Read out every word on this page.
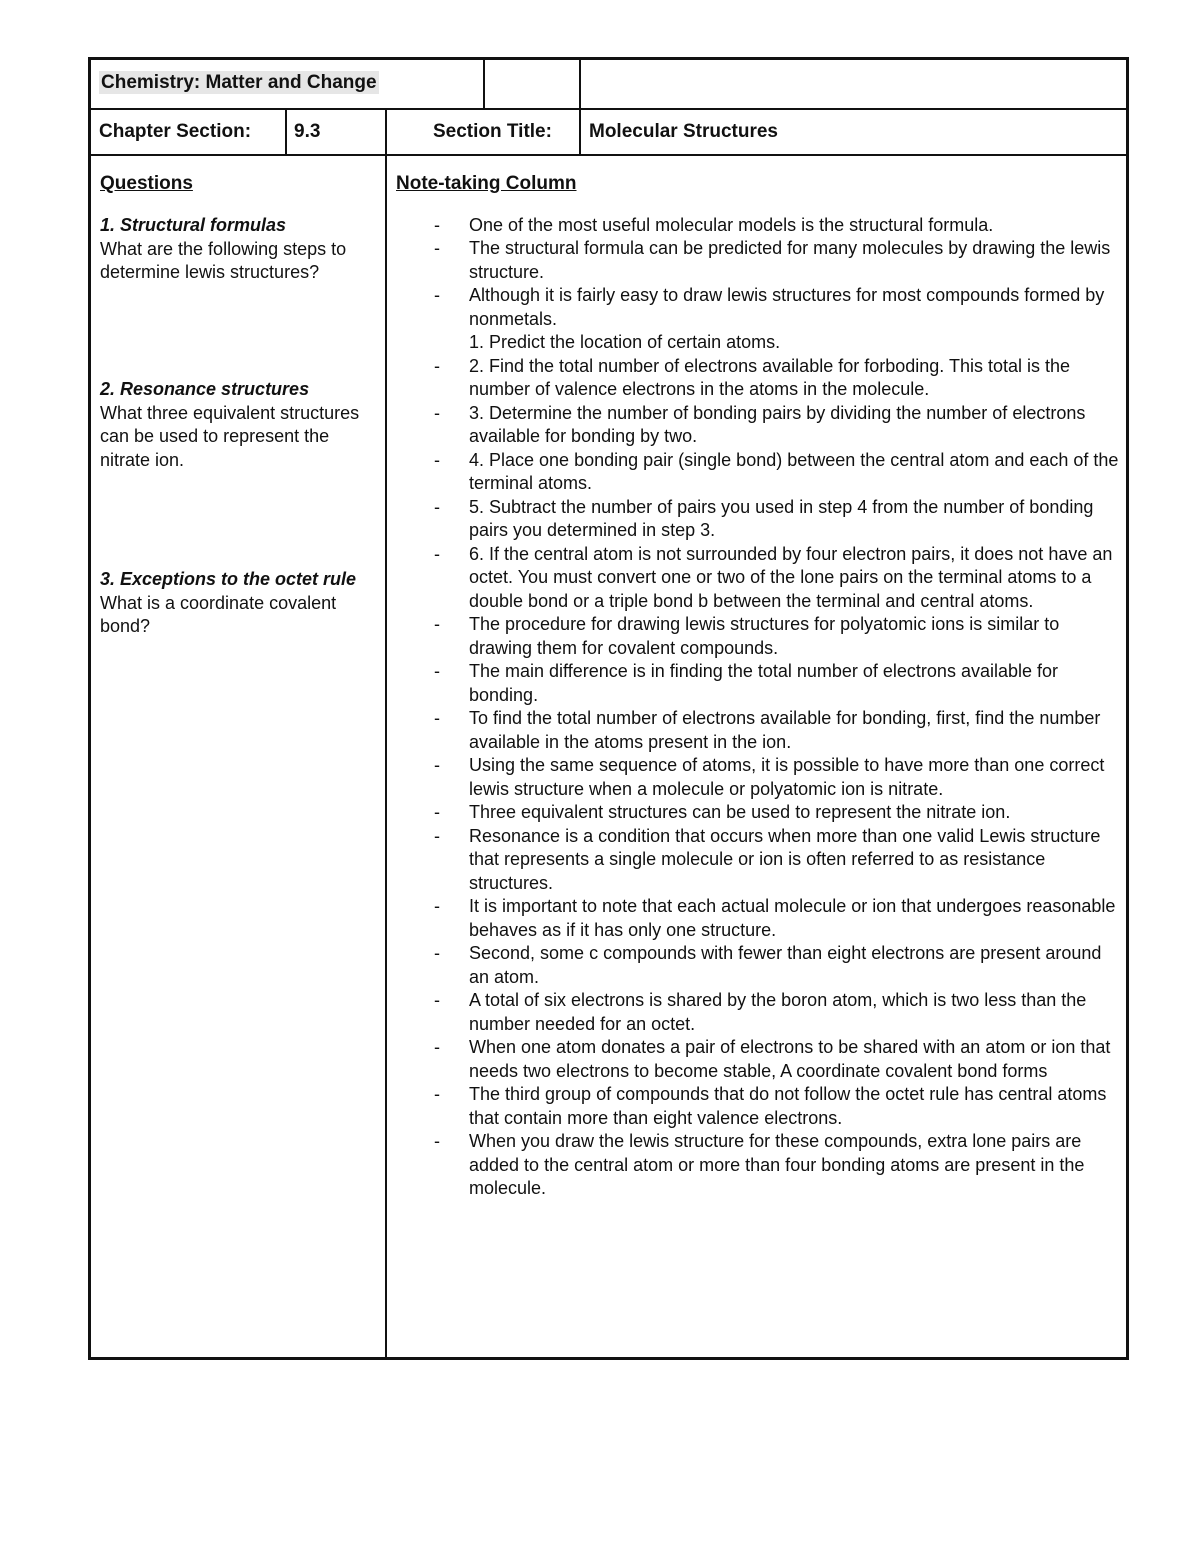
Chemistry: Matter and Change
Chapter Section: 9.3	Section Title: Molecular Structures
Questions
1. Structural formulas
What are the following steps to determine lewis structures?
2. Resonance structures
What three equivalent structures can be used to represent the nitrate ion.
3. Exceptions to the octet rule
What is a coordinate covalent bond?
Note-taking Column
- One of the most useful molecular models is the structural formula.
- The structural formula can be predicted for many molecules by drawing the lewis structure.
- Although it is fairly easy to draw lewis structures for most compounds formed by nonmetals.
1. Predict the location of certain atoms.
- 2. Find the total number of electrons available for forboding. This total is the number of valence electrons in the atoms in the molecule.
- 3. Determine the number of bonding pairs by dividing the number of electrons available for bonding by two.
- 4. Place one bonding pair (single bond) between the central atom and each of the terminal atoms.
- 5. Subtract the number of pairs you used in step 4 from the number of bonding pairs you determined in step 3.
- 6. If the central atom is not surrounded by four electron pairs, it does not have an octet. You must convert one or two of the lone pairs on the terminal atoms to a double bond or a triple bond b between the terminal and central atoms.
- The procedure for drawing lewis structures for polyatomic ions is similar to drawing them for covalent compounds.
- The main difference is in finding the total number of electrons available for bonding.
- To find the total number of electrons available for bonding, first, find the number available in the atoms present in the ion.
- Using the same sequence of atoms, it is possible to have more than one correct lewis structure when a molecule or polyatomic ion is nitrate.
- Three equivalent structures can be used to represent the nitrate ion.
- Resonance is a condition that occurs when more than one valid Lewis structure that represents a single molecule or ion is often referred to as resistance structures.
- It is important to note that each actual molecule or ion that undergoes reasonable behaves as if it has only one structure.
- Second, some c compounds with fewer than eight electrons are present around an atom.
- A total of six electrons is shared by the boron atom, which is two less than the number needed for an octet.
- When one atom donates a pair of electrons to be shared with an atom or ion that needs two electrons to become stable, A coordinate covalent bond forms
- The third group of compounds that do not follow the octet rule has central atoms that contain more than eight valence electrons.
- When you draw the lewis structure for these compounds, extra lone pairs are added to the central atom or more than four bonding atoms are present in the molecule.
